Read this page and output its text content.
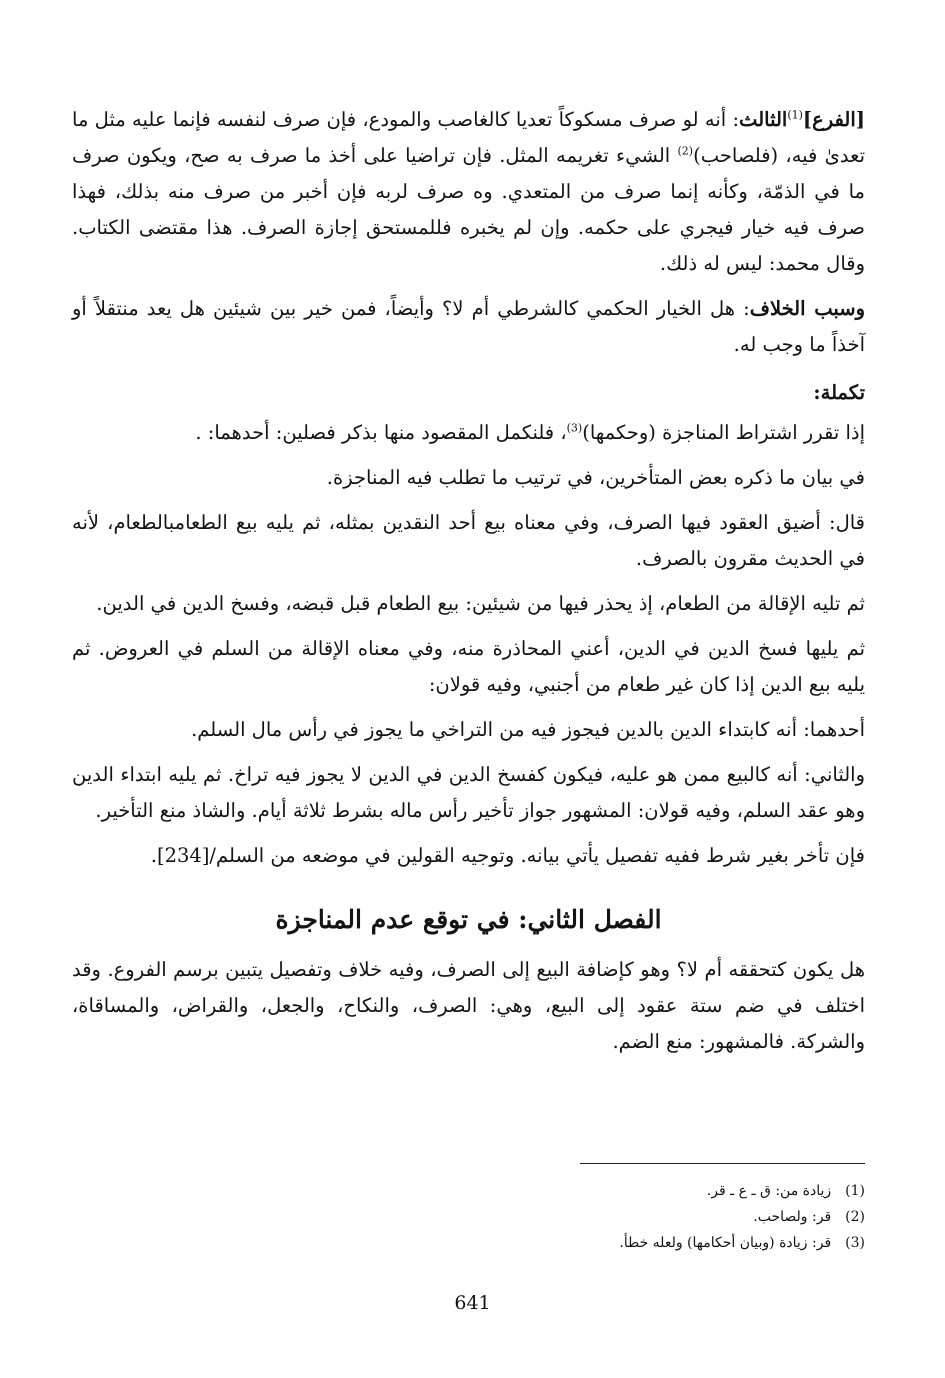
[الفرع]$^{(1)}$الثالث: أنه لو صرف مسكوكاً تعديا كالغاصب والمودع، فإن صرف لنفسه فإنما عليه مثل ما تعدىٰ فيه، (فلصاحب)$^{(2)}$ الشيء تغريمه المثل. فإن تراضيا على أخذ ما صرف به صح، ويكون صرف ما في الذمّة، وكأنه إنما صرف من المتعدي. وه صرف لربه فإن أخبر من صرف منه بذلك، فهذا صرف فيه خيار فيجري على حكمه. وإن لم يخبره فللمستحق إجازة الصرف. هذا مقتضى الكتاب. وقال محمد: ليس له ذلك.

وسبب الخلاف: هل الخيار الحكمي كالشرطي أم لا؟ وأيضاً، فمن خير بين شيئين هل يعد منتقلاً أو آخذاً ما وجب له.

تكملة:

إذا تقرر اشتراط المناجزة (وحكمها)$^{(3)}$، فلنكمل المقصود منها بذكر فصلين: أحدهما: .

في بيان ما ذكره بعض المتأخرين، في ترتيب ما تطلب فيه المناجزة.

قال: أضيق العقود فيها الصرف، وفي معناه بيع أحد النقدين بمثله، ثم يليه بيع الطعامبالطعام، لأنه في الحديث مقرون بالصرف.

ثم تليه الإقالة من الطعام، إذ يحذر فيها من شيئين: بيع الطعام قبل قبضه، وفسخ الدين في الدين.

ثم يليها فسخ الدين في الدين، أعني المحاذرة منه، وفي معناه الإقالة من السلم في العروض. ثم يليه بيع الدين إذا كان غير طعام من أجنبي، وفيه قولان:

أحدهما: أنه كابتداء الدين بالدين فيجوز فيه من التراخي ما يجوز في رأس مال السلم.

والثاني: أنه كالبيع ممن هو عليه، فيكون كفسخ الدين في الدين لا يجوز فيه تراخ. ثم يليه ابتداء الدين وهو عقد السلم، وفيه قولان: المشهور جواز تأخير رأس ماله بشرط ثلاثة أيام. والشاذ منع التأخير.

فإن تأخر بغير شرط ففيه تفصيل يأتي بيانه. وتوجيه القولين في موضعه من السلم/[234].

الفصل الثاني: في توقع عدم المناجزة

هل يكون كتحققه أم لا؟ وهو كإضافة البيع إلى الصرف، وفيه خلاف وتفصيل يتبين برسم الفروع. وقد اختلف في ضم ستة عقود إلى البيع، وهي: الصرف، والنكاح، والجعل، والقراض، والمساقاة، والشركة. فالمشهور: منع الضم.

(1)زيادة من: ق ـ ع ـ قر.

(2)قر: ولصاحب.

(3)قر: زيادة (وبيان أحكامها) ولعله خطأ.

641
